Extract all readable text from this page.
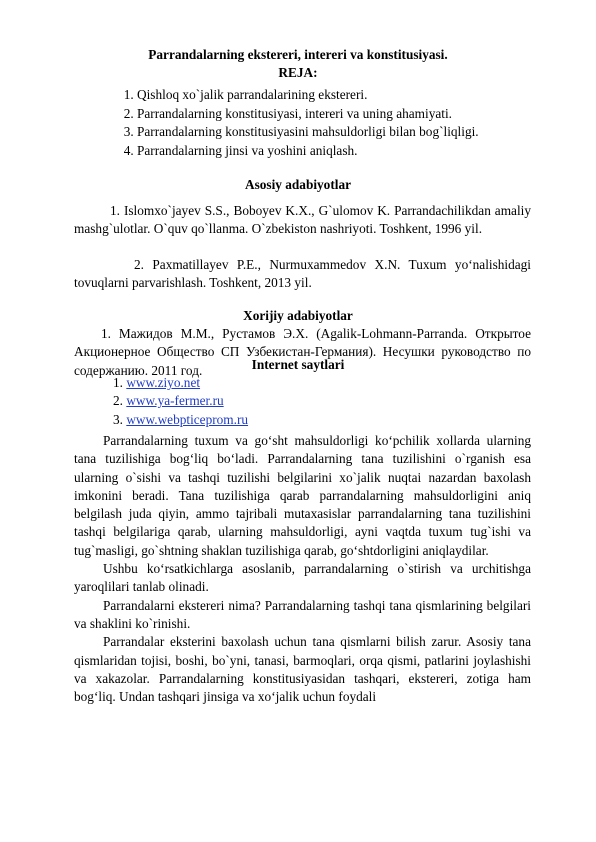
Parrandalarning ekstereri, intereri va konstitusiyasi.
REJA:
1. Qishloq xo`jalik parrandalarining ekstereri.
2. Parrandalarning konstitusiyasi, intereri va uning ahamiyati.
3. Parrandalarning konstitusiyasini mahsuldorligi bilan bog`liqligi.
4. Parrandalarning jinsi va yoshini aniqlash.
Asosiy adabiyotlar

1. Islomxo`jayev S.S., Boboyev K.X., G`ulomov K. Parrandachilikdan amaliy mashg`ulotlar. O`quv qo`llanma. O`zbekiston nashriyoti. Toshkent, 1996 yil.

2. Paxmatillayev P.E., Nurmuxammedov X.N. Tuxum yo‘nalishidagi tovuqlarni parvarishlash. Toshkent, 2013 yil.

Xorijiy adabiyotlar

1. Мажидов М.М., Рустамов Э.Х. (Agalik-Lohmann-Parranda. Открытое Акционерное Общество СП Узбекистан-Германия). Несушки руководство по содержанию. 2011 год.	Internet saytlari
1. www.ziyo.net
2. www.ya-fermer.ru
3. www.webpticeprom.ru

Parrandalarning tuxum va go‘sht mahsuldorligi ko‘pchilik xollarda ularning tana tuzilishiga bog‘liq bo‘ladi. Parrandalarning tana tuzilishini o`rganish esa ularning o`sishi va tashqi tuzilishi belgilarini xo`jalik nuqtai nazardan baxolash imkonini beradi. Tana tuzilishiga qarab parrandalarning mahsuldorligini aniq belgilash juda qiyin, ammo tajribali mutaxasislar parrandalarning tana tuzilishini tashqi belgilariga qarab, ularning mahsuldorligi, ayni vaqtda tuxum tug`ishi va tug`masligi, go`shtning shaklan tuzilishiga qarab, go‘shtdorligini aniqlaydilar.

Ushbu ko‘rsatkichlarga asoslanib, parrandalarning o`stirish va urchitishga yaroqlilari tanlab olinadi.

Parrandalarni ekstereri nima? Parrandalarning tashqi tana qismlarining belgilari va shaklini ko`rinishi.

Parrandalar eksterini baxolash uchun tana qismlarni bilish zarur. Asosiy tana qismlaridan tojisi, boshi, bo`yni, tanasi, barmoqlari, orqa qismi, patlarini joylashishi va xakazolar. Parrandalarning konstitusiyasidan tashqari, ekstereri, zotiga ham bog‘liq. Undan tashqari jinsiga va xo‘jalik uchun foydali
